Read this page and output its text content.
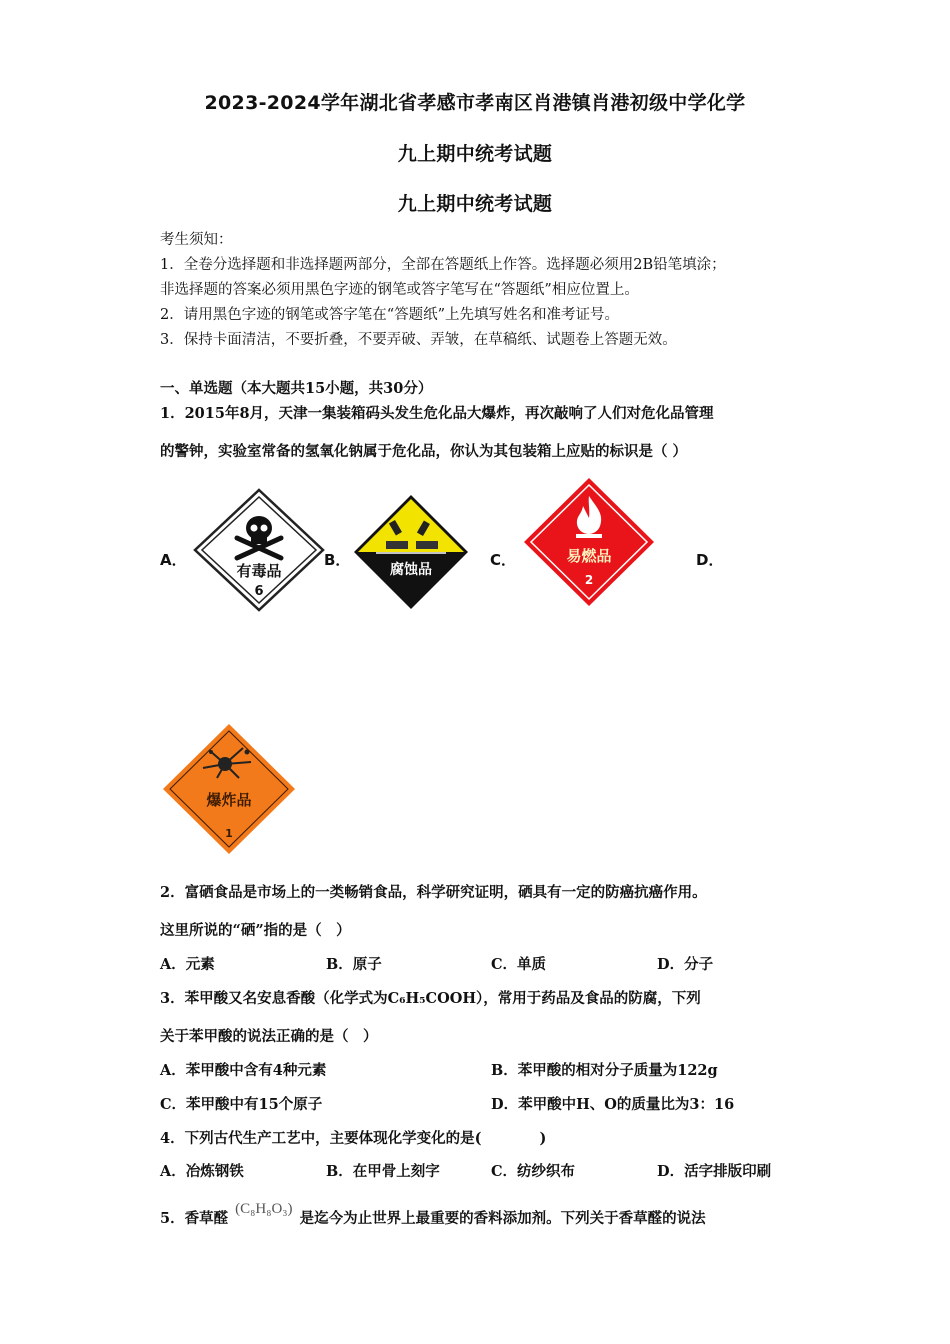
2023-2024学年湖北省孝感市孝南区肖港镇肖港初级中学化学
九上期中统考试题
九上期中统考试题
考生须知：
1．全卷分选择题和非选择题两部分，全部在答题纸上作答。选择题必须用2B铅笔填涂；
非选择题的答案必须用黑色字迹的钢笔或答字笔写在“答题纸”相应位置上。
2．请用黑色字迹的钢笔或答字笔在“答题纸”上先填写姓名和准考证号。
3．保持卡面清洁，不要折叠，不要弄破、弄皱，在草稿纸、试题卷上答题无效。
一、单选题（本大题共15小题，共30分）
1．2015年8月，天津一集装箱码头发生危化品大爆炸，再次敲响了人们对危化品管理
的警钟，实验室常备的氢氧化钠属于危化品，你认为其包装箱上应贴的标识是（ ）
A．	B．	C．	D．
有毒品
6
腐蚀品
易燃品
2
爆炸品
1
2．富硒食品是市场上的一类畅销食品，科学研究证明，硒具有一定的防癌抗癌作用。
这里所说的“硒”指的是（　）
A．元素	B．原子	C．单质	D．分子
3．苯甲酸又名安息香酸（化学式为C₆H₅COOH），常用于药品及食品的防腐，下列
关于苯甲酸的说法正确的是（　）
A．苯甲酸中含有4种元素	B．苯甲酸的相对分子质量为122g
C．苯甲酸中有15个原子	D．苯甲酸中H、O的质量比为3：16
4．下列古代生产工艺中，主要体现化学变化的是(　　　　)
A．冶炼钢铁	B．在甲骨上刻字	C．纺纱织布	D．活字排版印刷
5．香草醛 (C₈H₈O₃) 是迄今为止世界上最重要的香料添加剂。下列关于香草醛的说法
